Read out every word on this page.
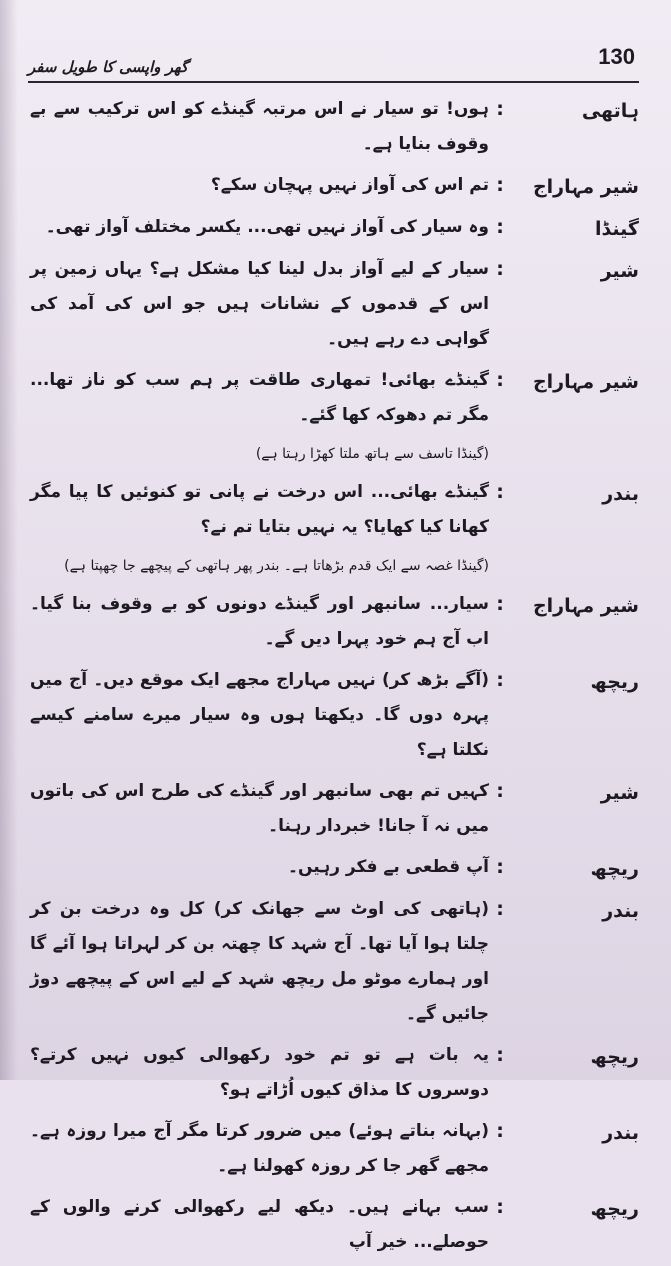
130
گھر واپسی کا طویل سفر
ہاتھی
:
ہوں! تو سیار نے اس مرتبہ گینڈے کو اس ترکیب سے بے وقوف بنایا ہے۔
شیر مہاراج
:
تم اس کی آواز نہیں پہچان سکے؟
گینڈا
:
وہ سیار کی آواز نہیں تھی... یکسر مختلف آواز تھی۔
شیر
:
سیار کے لیے آواز بدل لینا کیا مشکل ہے؟ یہاں زمین پر اس کے قدموں کے نشانات ہیں جو اس کی آمد کی گواہی دے رہے ہیں۔
شیر مہاراج
:
گینڈے بھائی! تمھاری طاقت پر ہم سب کو ناز تھا... مگر تم دھوکہ کھا گئے۔
(گینڈا تاسف سے ہاتھ ملتا کھڑا رہتا ہے)
بندر
:
گینڈے بھائی... اس درخت نے پانی تو کنوئیں کا پیا مگر کھانا کیا کھایا؟ یہ نہیں بتایا تم نے؟
(گینڈا غصہ سے ایک قدم بڑھاتا ہے۔ بندر پھر ہاتھی کے پیچھے جا چھپتا ہے)
شیر مہاراج
:
سیار... سانبھر اور گینڈے دونوں کو بے وقوف بنا گیا۔ اب آج ہم خود پہرا دیں گے۔
ریچھ
:
(آگے بڑھ کر) نہیں مہاراج مجھے ایک موقع دیں۔ آج میں پہرہ دوں گا۔ دیکھتا ہوں وہ سیار میرے سامنے کیسے نکلتا ہے؟
شیر
:
کہیں تم بھی سانبھر اور گینڈے کی طرح اس کی باتوں میں نہ آ جانا! خبردار رہنا۔
ریچھ
:
آپ قطعی بے فکر رہیں۔
بندر
:
(ہاتھی کی اوٹ سے جھانک کر) کل وہ درخت بن کر چلتا ہوا آیا تھا۔ آج شہد کا چھتہ بن کر لہراتا ہوا آئے گا اور ہمارے موٹو مل ریچھ شہد کے لیے اس کے پیچھے دوڑ جائیں گے۔
ریچھ
:
یہ بات ہے تو تم خود رکھوالی کیوں نہیں کرتے؟ دوسروں کا مذاق کیوں اُڑاتے ہو؟
بندر
:
(بہانہ بناتے ہوئے) میں ضرور کرتا مگر آج میرا روزہ ہے۔ مجھے گھر جا کر روزہ کھولنا ہے۔
ریچھ
:
سب بہانے ہیں۔ دیکھ لیے رکھوالی کرنے والوں کے حوصلے... خیر آپ
